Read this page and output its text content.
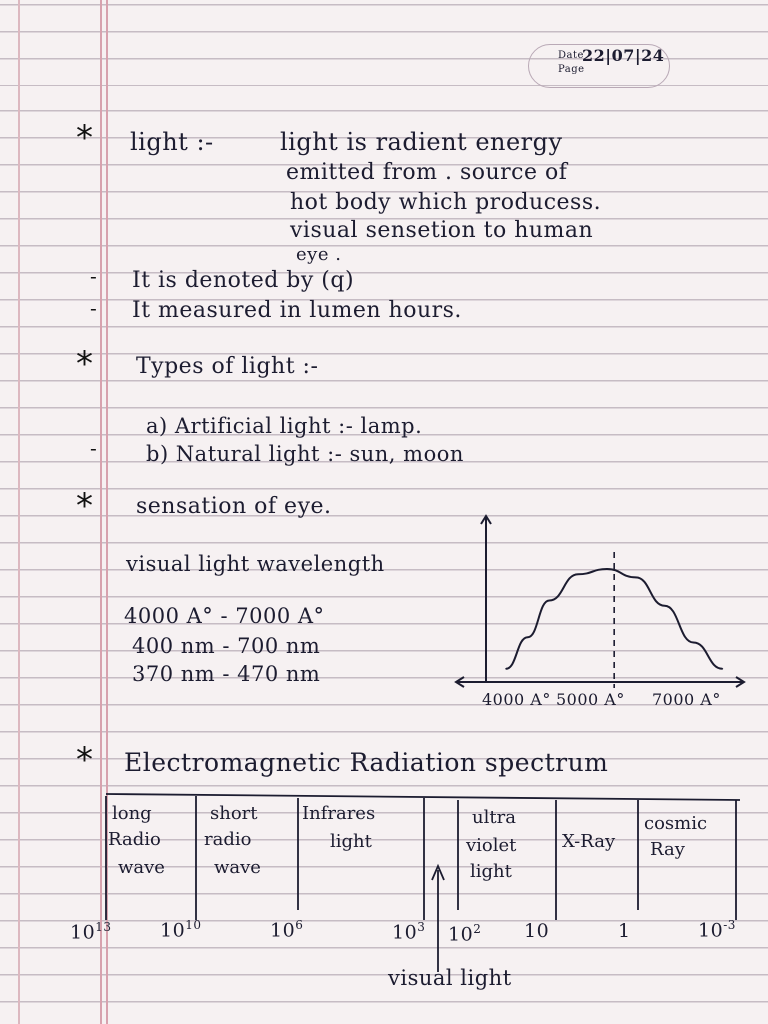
Date
22|07|24
Page
* light :-	light is radient energy
emitted from . source of
hot body which producess.
visual sensetion to human
eye .
- It is denoted by (q)
- It measured in lumen hours.
* Types of light :-
a) Artificial light :- lamp.
- b) Natural light :- sun, moon
* sensation of eye.
visual light wavelength
4000 A° - 7000 A°
400 nm - 700 nm
370 nm - 470 nm
4000 A° 5000 A° 7000 A°
* Electromagnetic Radiation spectrum
long
Radio
wave
short
radio
wave
Infrares
light
ultra
violet
light
X-Ray
cosmic
Ray
$10^{13}$	$10^{10}$	$10^6$	$10^3$ $10^2$ 10	1	$10^{-3}$
visual light
